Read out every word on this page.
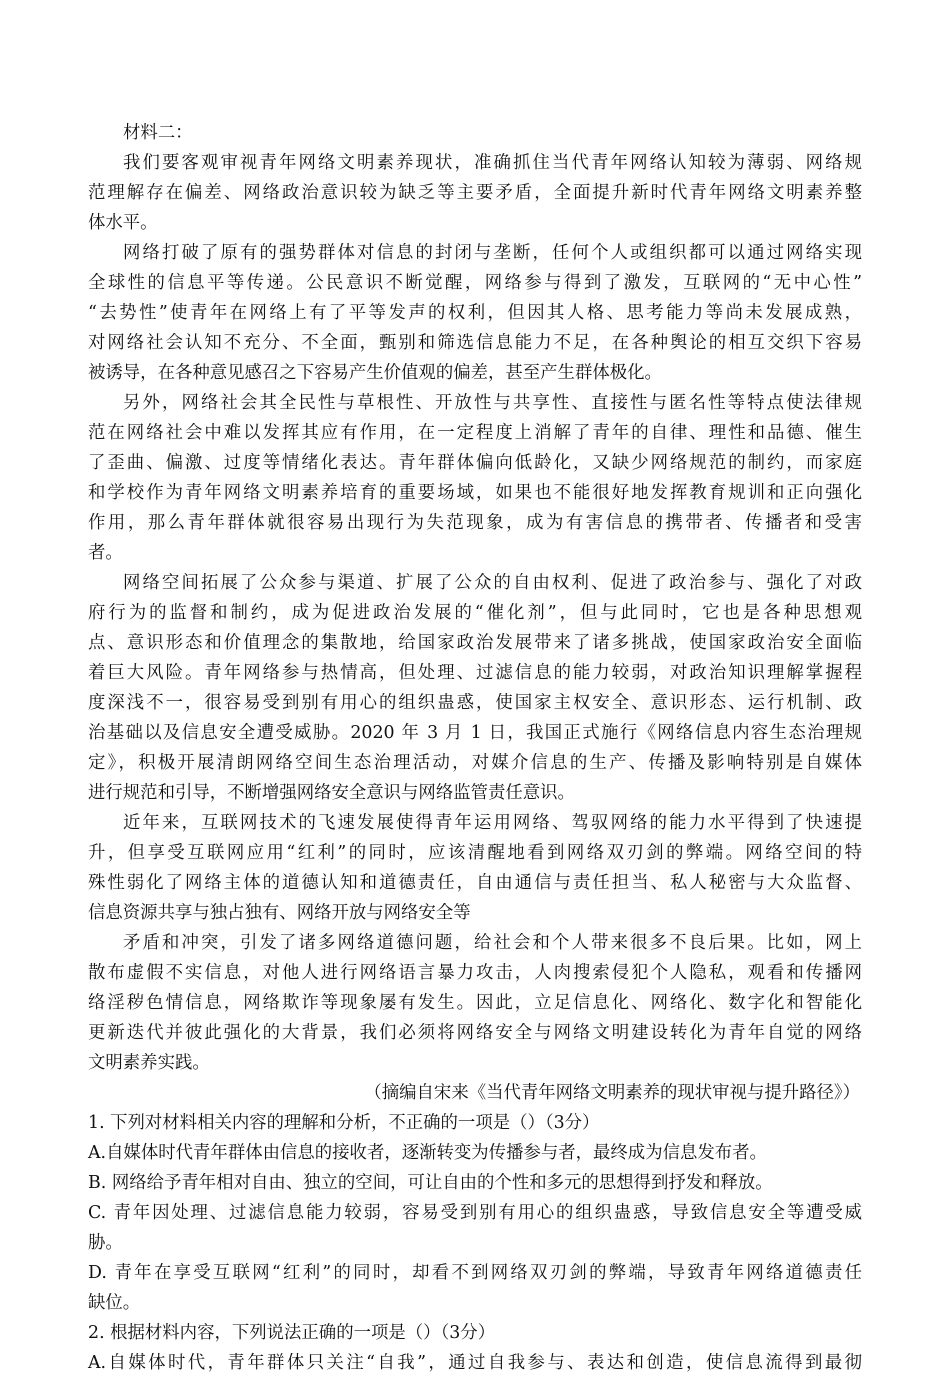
材料二：
我们要客观审视青年网络文明素养现状，准确抓住当代青年网络认知较为薄弱、网络规
范理解存在偏差、网络政治意识较为缺乏等主要矛盾，全面提升新时代青年网络文明素养整
体水平。
网络打破了原有的强势群体对信息的封闭与垄断，任何个人或组织都可以通过网络实现
全球性的信息平等传递。公民意识不断觉醒，网络参与得到了激发，互联网的“无中心性”
“去势性”使青年在网络上有了平等发声的权利，但因其人格、思考能力等尚未发展成熟，
对网络社会认知不充分、不全面，甄别和筛选信息能力不足，在各种舆论的相互交织下容易
被诱导，在各种意见感召之下容易产生价值观的偏差，甚至产生群体极化。
另外，网络社会其全民性与草根性、开放性与共享性、直接性与匿名性等特点使法律规
范在网络社会中难以发挥其应有作用，在一定程度上消解了青年的自律、理性和品德、催生
了歪曲、偏激、过度等情绪化表达。青年群体偏向低龄化，又缺少网络规范的制约，而家庭
和学校作为青年网络文明素养培育的重要场域，如果也不能很好地发挥教育规训和正向强化
作用，那么青年群体就很容易出现行为失范现象，成为有害信息的携带者、传播者和受害
者。
网络空间拓展了公众参与渠道、扩展了公众的自由权利、促进了政治参与、强化了对政
府行为的监督和制约，成为促进政治发展的“催化剂”，但与此同时，它也是各种思想观
点、意识形态和价值理念的集散地，给国家政治发展带来了诸多挑战，使国家政治安全面临
着巨大风险。青年网络参与热情高，但处理、过滤信息的能力较弱，对政治知识理解掌握程
度深浅不一，很容易受到别有用心的组织蛊惑，使国家主权安全、意识形态、运行机制、政
治基础以及信息安全遭受威胁。2020 年 3 月 1 日，我国正式施行《网络信息内容生态治理规
定》，积极开展清朗网络空间生态治理活动，对媒介信息的生产、传播及影响特别是自媒体
进行规范和引导，不断增强网络安全意识与网络监管责任意识。
近年来，互联网技术的飞速发展使得青年运用网络、驾驭网络的能力水平得到了快速提
升，但享受互联网应用“红利”的同时，应该清醒地看到网络双刃剑的弊端。网络空间的特
殊性弱化了网络主体的道德认知和道德责任，自由通信与责任担当、私人秘密与大众监督、
信息资源共享与独占独有、网络开放与网络安全等
矛盾和冲突，引发了诸多网络道德问题，给社会和个人带来很多不良后果。比如，网上
散布虚假不实信息，对他人进行网络语言暴力攻击，人肉搜索侵犯个人隐私，观看和传播网
络淫秽色情信息，网络欺诈等现象屡有发生。因此，立足信息化、网络化、数字化和智能化
更新迭代并彼此强化的大背景，我们必须将网络安全与网络文明建设转化为青年自觉的网络
文明素养实践。
（摘编自宋来《当代青年网络文明素养的现状审视与提升路径》）
1. 下列对材料相关内容的理解和分析，不正确的一项是（）（3分）
A.自媒体时代青年群体由信息的接收者，逐渐转变为传播参与者，最终成为信息发布者。
B. 网络给予青年相对自由、独立的空间，可让自由的个性和多元的思想得到抒发和释放。
C. 青年因处理、过滤信息能力较弱，容易受到别有用心的组织蛊惑，导致信息安全等遭受威
胁。
D. 青年在享受互联网“红利”的同时，却看不到网络双刃剑的弊端，导致青年网络道德责任
缺位。
2. 根据材料内容，下列说法正确的一项是（）（3分）
A.自媒体时代，青年群体只关注“自我”，通过自我参与、表达和创造，使信息流得到最彻
